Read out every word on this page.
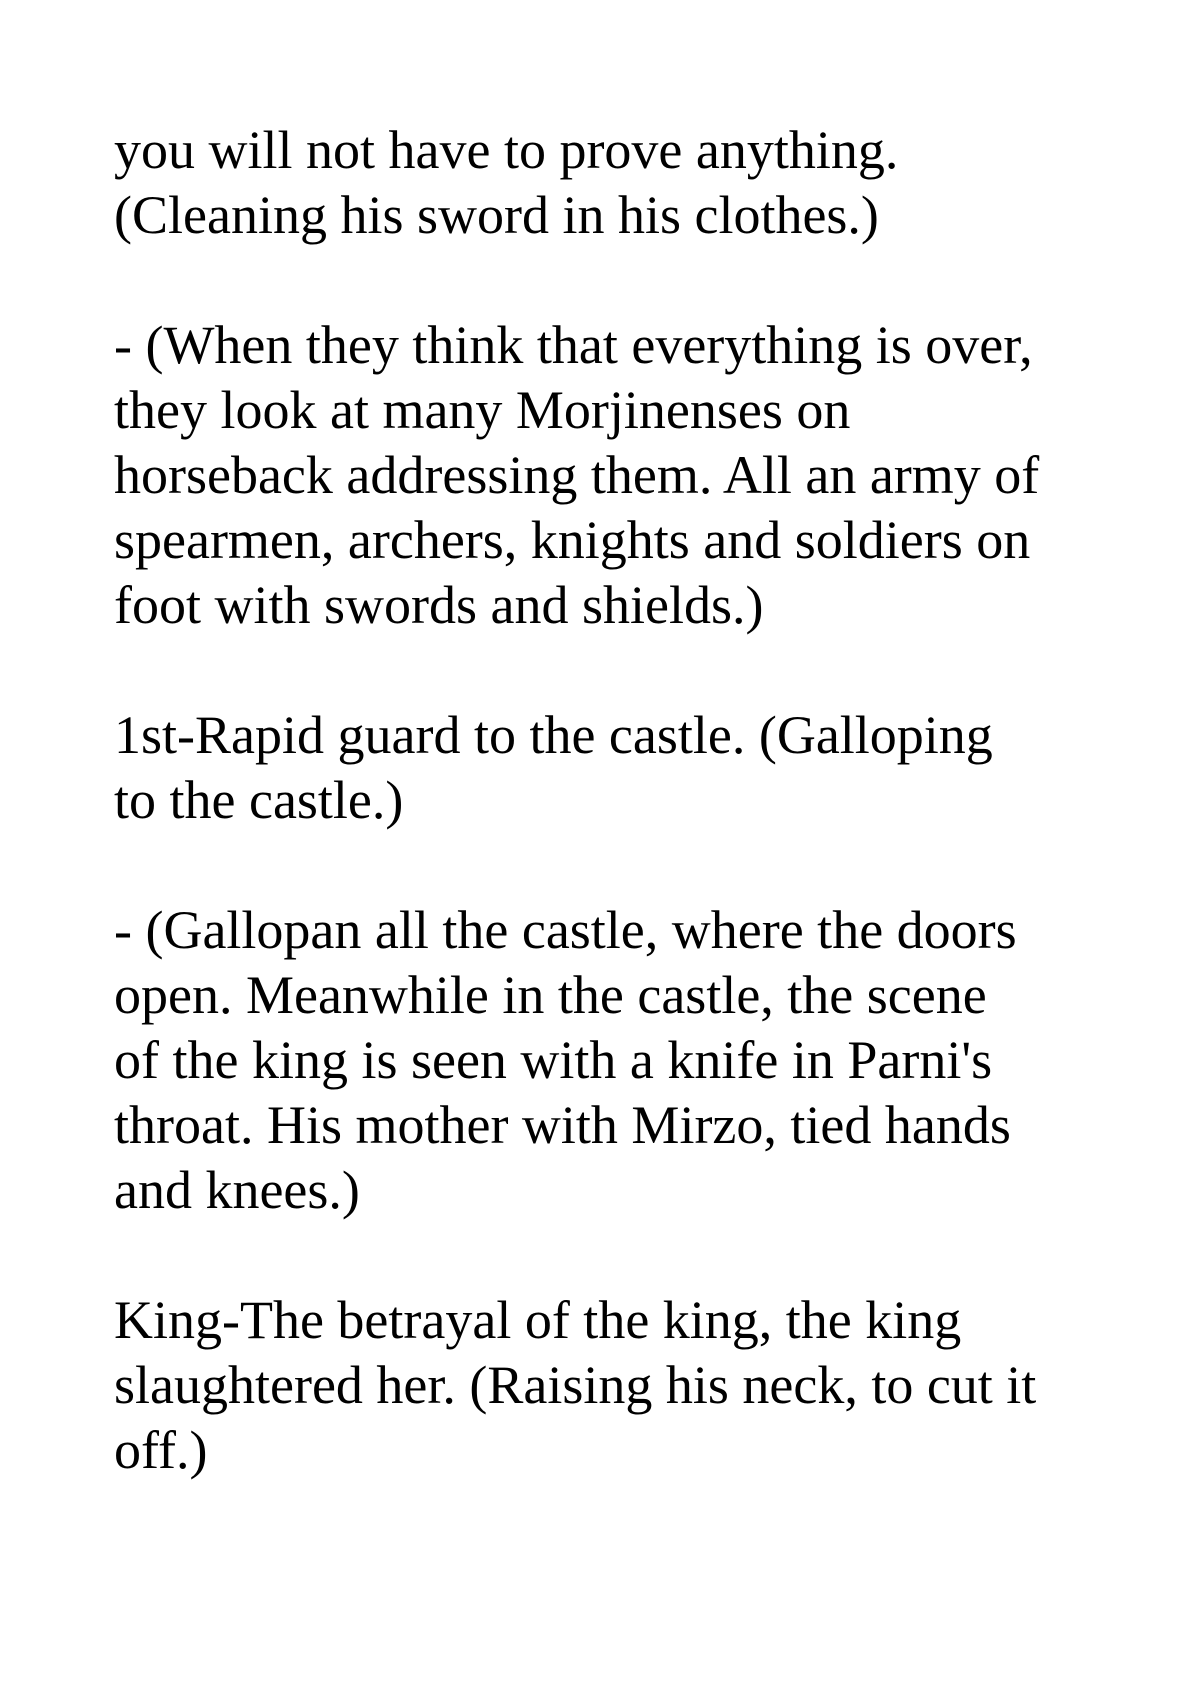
you will not have to prove anything.
(Cleaning his sword in his clothes.)

- (When they think that everything is over,
they look at many Morjinenses on
horseback addressing them. All an army of
spearmen, archers, knights and soldiers on
foot with swords and shields.)

1st-Rapid guard to the castle. (Galloping
to the castle.)

- (Gallopan all the castle, where the doors
open. Meanwhile in the castle, the scene
of the king is seen with a knife in Parni's
throat. His mother with Mirzo, tied hands
and knees.)

King-The betrayal of the king, the king
slaughtered her. (Raising his neck, to cut it
off.)
